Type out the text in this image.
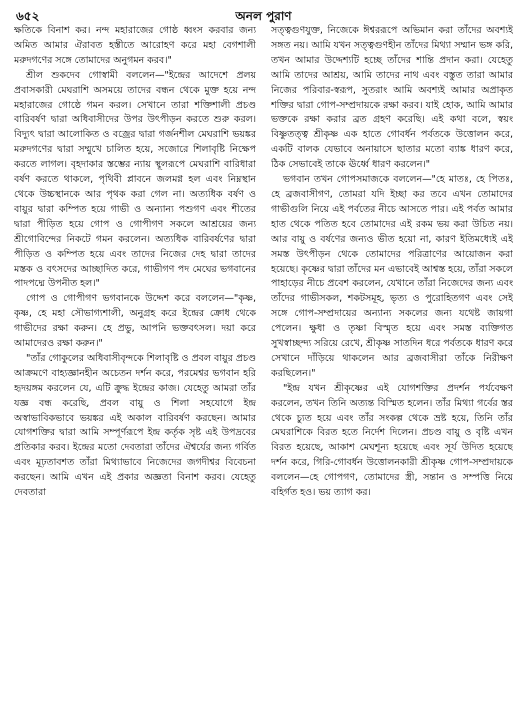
৬৫২	অনল পুরাণ

ক্ষতিকে বিনাশ কর। নন্দ মহারাজের গোষ্ঠ ধ্বংস করবার জন্য অমিত আমার ঐরাবত হস্তীতে আরোহণ করে মহা বেগশালী মরুদগণের সঙ্গে তোমাদের অনুগমন করব।"

শ্রীল শুকদেব গোস্বামী বললেন—"ইন্দ্রের আদেশে প্রলয় প্রবাসকারী মেঘরাশি অসময়ে তাদের বন্ধন থেকে মুক্ত হয়ে নন্দ মহারাজের গোষ্ঠে গমন করল। সেখানে তারা শক্তিশালী প্রচণ্ড বারিবর্ষণ দ্বারা অধিবাসীদের উপর উৎপীড়ন করতে শুরু করল। বিদ্যুৎ দ্বারা আলোকিত ও বজ্রের দ্বারা গর্জনশীল মেঘরাশি ভয়ঙ্কর মরুদগণের দ্বারা সম্মুখে চালিত হয়ে, সজোরে শিলাবৃষ্টি নিক্ষেপ করতে লাগল। বৃহদাকার স্তম্ভের ন্যায় স্থূলরূপে মেঘরাশি বারিধারা বর্ষণ করতে থাকলে, পৃথিবী প্লাবনে জলমগ্ন হল এবং নিম্নস্থান থেকে উচ্চস্থানকে আর পৃথক করা গেল না। অত্যধিক বর্ষণ ও বায়ুর দ্বারা কম্পিত হয়ে গাভী ও অন্যান্য পশুগণ এবং শীতের দ্বারা পীড়িত হয়ে গোপ ও গোপীগণ সকলে আশ্রয়ের জন্য শ্রীগোবিন্দের নিকটে গমন করলেন। অত্যধিক বারিবর্ষণের দ্বারা পীড়িত ও কম্পিত হয়ে এবং তাদের নিজের দেহ দ্বারা তাদের মস্তক ও বৎসদের আচ্ছাদিত করে, গাভীগণ পদ মেঘের ভগবানের পাদপদ্মে উপনীত হল।"

গোপ ও গোপীগণ ভগবানকে উদ্দেশ করে বললেন—"কৃষ্ণ, কৃষ্ণ, হে মহা সৌভাগ্যশালী, অনুগ্রহ করে ইন্দ্রের ক্রোধ থেকে গাভীদের রক্ষা করুন। হে প্রভু, আপনি ভক্তবৎসল। দয়া করে আমাদেরও রক্ষা করুন।"

"তাঁর গোকুলের অধিবাসীবৃন্দকে শিলাবৃষ্টি ও প্রবল বায়ুর প্রচণ্ড আক্রমণে বাহ্যজ্ঞানহীন অচেতন দর্শন করে, পরমেশ্বর ভগবান হরি হৃদয়ঙ্গম করলেন যে, এটি ক্রুদ্ধ ইন্দ্রের কাজ। যেহেতু আমরা তাঁর যজ্ঞ বন্ধ করেছি, প্রবল বায়ু ও শিলা সহযোগে ইন্দ্র অস্বাভাবিকভাবে ভয়ঙ্কর এই অকাল বারিবর্ষণ করছেন। আমার যোগশক্তির দ্বারা আমি সম্পূর্ণরূপে ইন্দ্র কর্তৃক সৃষ্ট এই উপদ্রবের প্রতিকার করব। ইন্দ্রের মতো দেবতারা তাঁদের ঐশ্বর্যের জন্য গর্বিত এবং মূঢ়তাবশত তাঁরা মিথ্যাভাবে নিজেদের জগদীশ্বর বিবেচনা করছেন। আমি এখন এই প্রকার অজ্ঞতা বিনাশ করব। যেহেতু দেবতারা

সত্ত্বগুণযুক্ত, নিজেকে ঈশ্বররূপে অভিমান করা তাঁদের অবশ্যই সঙ্গত নয়। আমি যখন সত্ত্বগুণহীন তাঁদের মিথ্যা সম্মান ভঙ্গ করি, তখন আমার উদ্দেশ্যটি হচ্ছে তাঁদের শান্তি প্রদান করা। যেহেতু আমি তাদের আশ্রয়, আমি তাদের নাথ এবং বস্তুত তারা আমার নিজের পরিবার-স্বরূপ, সুতরাং আমি অবশ্যই আমার অপ্রাকৃত শক্তির দ্বারা গোপ-সম্প্রদায়কে রক্ষা করব। যাই হোক, আমি আমার ভক্তকে রক্ষা করার ব্রত গ্রহণ করেছি। এই কথা বলে, স্বয়ং বিষ্ণুতত্ত্ব শ্রীকৃষ্ণ এক হাতে গোবর্ধন পর্বতকে উত্তোলন করে, একটি বালক যেভাবে অনায়াসে ছাতার মতো ব্যাঙ্ক ধারণ করে, ঠিক সেভাবেই তাকে ঊর্ধ্বে ধারণ করলেন।"

ভগবান তখন গোপসমাজকে বললেন—"হে মাতঃ, হে পিতঃ, হে ব্রজবাসীগণ, তোমরা যদি ইচ্ছা কর তবে এখন তোমাদের গাভীগুলি নিয়ে এই পর্বতের নীচে আসতে পার। এই পর্বত আমার হাত থেকে পতিত হবে তোমাদের এই রকম ভয় করা উচিত নয়। আর বায়ু ও বর্ষণের জন্যও ভীত হয়ো না, কারণ ইতিমধ্যেই এই সমস্ত উৎপীড়ন থেকে তোমাদের পরিত্রাণের আয়োজন করা হয়েছে। কৃষ্ণের দ্বারা তাঁদের মন এভাবেই আশ্বস্ত হয়ে, তাঁরা সকলে পাহাড়ের নীচে প্রবেশ করলেন, যেখানে তাঁরা নিজেদের জন্য এবং তাঁদের গাভীসকল, শকটসমূহ, ভৃত্য ও পুরোহিতগণ এবং সেই সঙ্গে গোপ-সম্প্রদায়ের অন্যান্য সকলের জন্য যথেষ্ট জায়গা পেলেন। ক্ষুধা ও তৃষ্ণা বিস্মৃত হয়ে এবং সমস্ত ব্যক্তিগত সুখস্বাচ্ছন্দ্য সরিয়ে রেখে, শ্রীকৃষ্ণ সাতদিন ধরে পর্বতকে ধারণ করে সেখানে দাঁড়িয়ে থাকলেন আর ব্রজবাসীরা তাঁকে নিরীক্ষণ করছিলেন।"

"ইন্দ্র যখন শ্রীকৃষ্ণের এই যোগশক্তির প্রদর্শন পর্যবেক্ষণ করলেন, তখন তিনি অত্যন্ত বিস্মিত হলেন। তাঁর মিথ্যা গর্বের স্তর থেকে চ্যুত হয়ে এবং তাঁর সংকল্প থেকে ভ্রষ্ট হয়ে, তিনি তাঁর মেঘরাশিকে বিরত হতে নির্দেশ দিলেন। প্রচণ্ড বায়ু ও বৃষ্টি এখন বিরত হয়েছে, আকাশ মেঘশূন্য হয়েছে এবং সূর্য উদিত হয়েছে দর্শন করে, গিরি-গোবর্ধন উত্তোলনকারী শ্রীকৃষ্ণ গোপ-সম্প্রদায়কে বললেন—হে গোপগণ, তোমাদের স্ত্রী, সন্তান ও সম্পত্তি নিয়ে বহির্গত হও। ভয় ত্যাগ কর।
